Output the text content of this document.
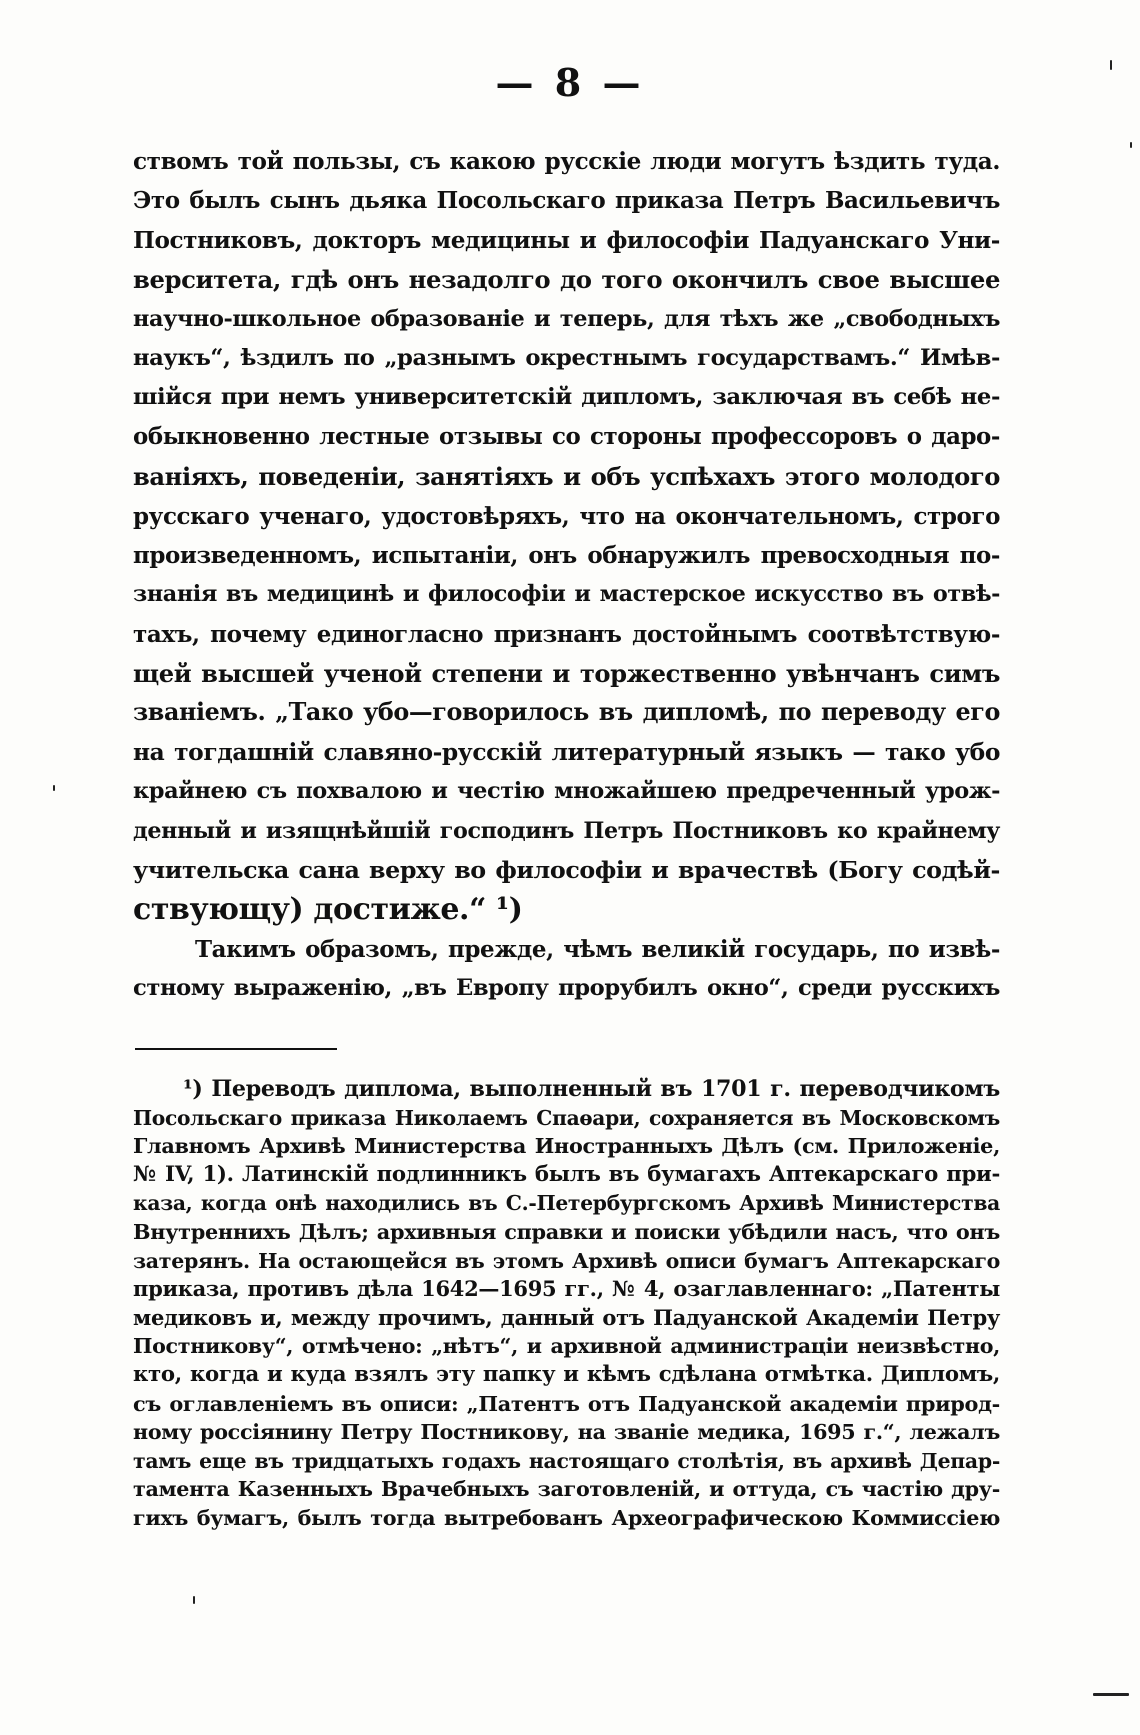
— 8 —
ствомъ той пользы, съ какою русскіе люди могутъ ѣздить туда.
Это былъ сынъ дьяка Посольскаго приказа Петръ Васильевичъ
Постниковъ, докторъ медицины и философіи Падуанскаго Уни-
верситета, гдѣ онъ незадолго до того окончилъ свое высшее
научно-школьное образованіе и теперь, для тѣхъ же „свободныхъ
наукъ“, ѣздилъ по „разнымъ окрестнымъ государствамъ.“ Имѣв-
шійся при немъ университетскій дипломъ, заключая въ себѣ не-
обыкновенно лестные отзывы со стороны профессоровъ о даро-
ваніяхъ, поведеніи, занятіяхъ и объ успѣхахъ этого молодого
русскаго ученаго, удостовѣряхъ, что на окончательномъ, строго
произведенномъ, испытаніи, онъ обнаружилъ превосходныя по-
знанія въ медицинѣ и философіи и мастерское искусство въ отвѣ-
тахъ, почему единогласно признанъ достойнымъ соотвѣтствую-
щей высшей ученой степени и торжественно увѣнчанъ симъ
званіемъ. „Тако убо—говорилось въ дипломѣ, по переводу его
на тогдашній славяно-русскій литературный языкъ — тако убо
крайнею съ похвалою и честію множайшею предреченный урож-
денный и изящнѣйшій господинъ Петръ Постниковъ ко крайнему
учительска сана верху во философіи и врачествѣ (Богу содѣй-
ствующу) достиже.“ ¹)
Такимъ образомъ, прежде, чѣмъ великій государь, по извѣ-
стному выраженію, „въ Европу прорубилъ окно“, среди русскихъ
¹) Переводъ диплома, выполненный въ 1701 г. переводчикомъ
Посольскаго приказа Николаемъ Спаѳари, сохраняется въ Московскомъ
Главномъ Архивѣ Министерства Иностранныхъ Дѣлъ (см. Приложеніе,
№ IV, 1). Латинскій подлинникъ былъ въ бумагахъ Аптекарскаго при-
каза, когда онѣ находились въ С.-Петербургскомъ Архивѣ Министерства
Внутреннихъ Дѣлъ; архивныя справки и поиски убѣдили насъ, что онъ
затерянъ. На остающейся въ этомъ Архивѣ описи бумагъ Аптекарскаго
приказа, противъ дѣла 1642—1695 гг., № 4, озаглавленнаго: „Патенты
медиковъ и, между прочимъ, данный отъ Падуанской Академіи Петру
Постникову“, отмѣчено: „нѣтъ“, и архивной администраціи неизвѣстно,
кто, когда и куда взялъ эту папку и кѣмъ сдѣлана отмѣтка. Дипломъ,
съ оглавленіемъ въ описи: „Патентъ отъ Падуанской академіи природ-
ному россіянину Петру Постникову, на званіе медика, 1695 г.“, лежалъ
тамъ еще въ тридцатыхъ годахъ настоящаго столѣтія, въ архивѣ Депар-
тамента Казенныхъ Врачебныхъ заготовленій, и оттуда, съ частію дру-
гихъ бумагъ, былъ тогда вытребованъ Археографическою Коммиссіею
